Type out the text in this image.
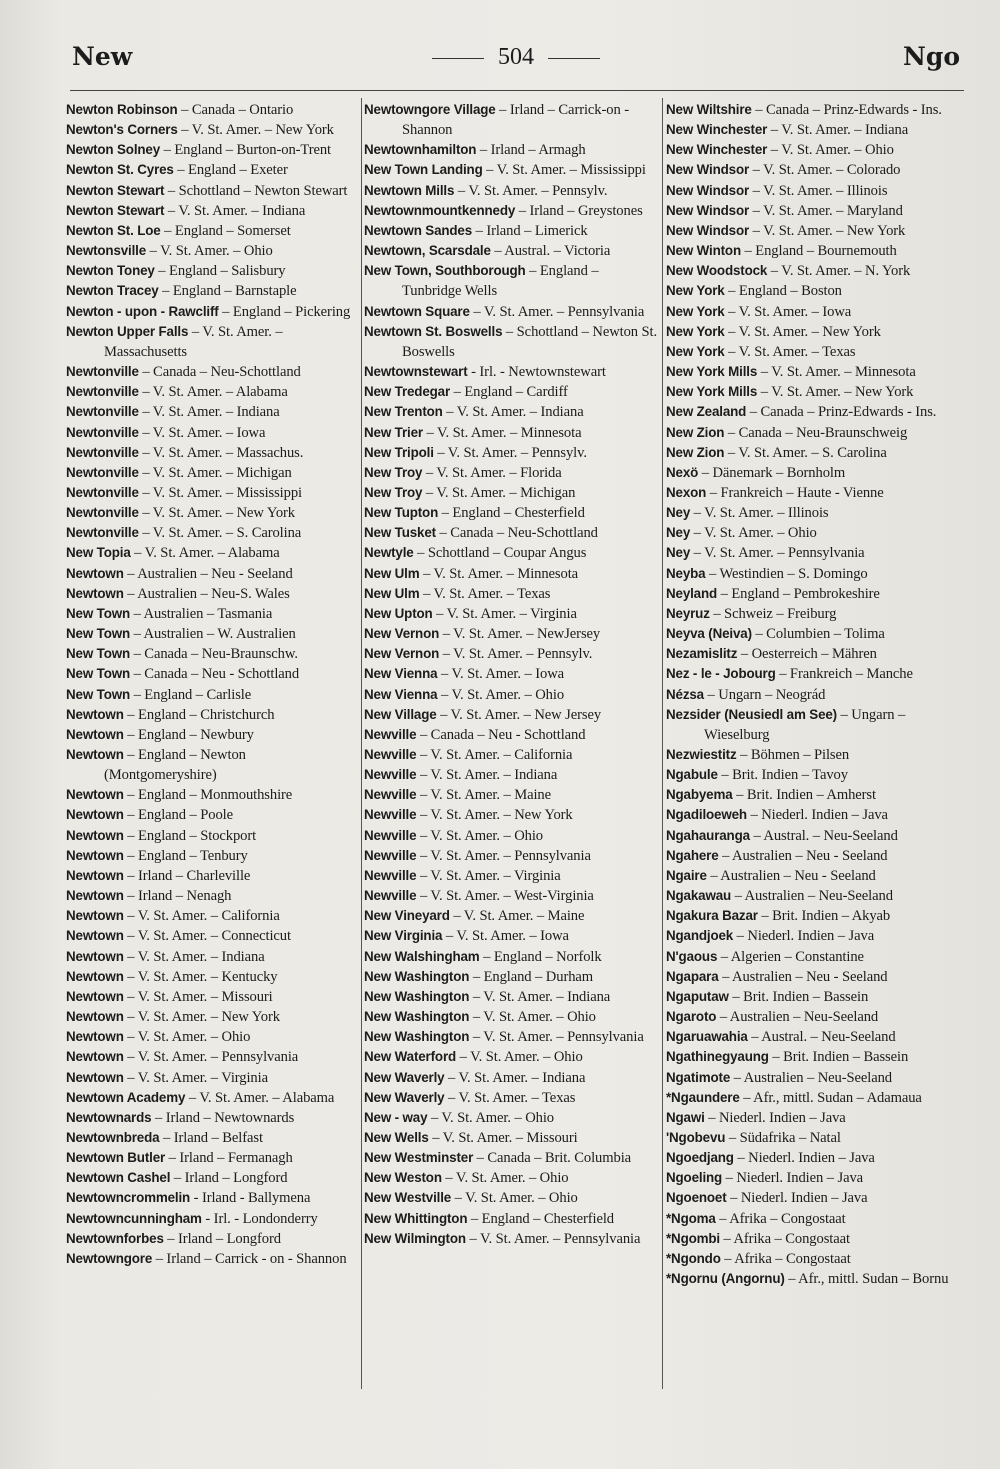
New	504	Ngo

Newton Robinson – Canada – Ontario

Newton's Corners – V. St. Amer. – New York

Newton Solney – England – Burton-on-Trent

Newton St. Cyres – England – Exeter

Newton Stewart – Schottland – Newton Stewart

Newton Stewart – V. St. Amer. – Indiana

Newton St. Loe – England – Somerset

Newtonsville – V. St. Amer. – Ohio

Newton Toney – England – Salisbury

Newton Tracey – England – Barnstaple

Newton - upon - Rawcliff – England – Pickering

Newton Upper Falls – V. St. Amer. – Massachusetts

Newtonville – Canada – Neu-Schottland

Newtonville – V. St. Amer. – Alabama

Newtonville – V. St. Amer. – Indiana

Newtonville – V. St. Amer. – Iowa

Newtonville – V. St. Amer. – Massachus.

Newtonville – V. St. Amer. – Michigan

Newtonville – V. St. Amer. – Mississippi

Newtonville – V. St. Amer. – New York

Newtonville – V. St. Amer. – S. Carolina

New Topia – V. St. Amer. – Alabama

Newtown – Australien – Neu - Seeland

Newtown – Australien – Neu-S. Wales

New Town – Australien – Tasmania

New Town – Australien – W. Australien

New Town – Canada – Neu-Braunschw.

New Town – Canada – Neu - Schottland

New Town – England – Carlisle

Newtown – England – Christchurch

Newtown – England – Newbury

Newtown – England – Newton (Montgomeryshire)

Newtown – England – Monmouthshire

Newtown – England – Poole

Newtown – England – Stockport

Newtown – England – Tenbury

Newtown – Irland – Charleville

Newtown – Irland – Nenagh

Newtown – V. St. Amer. – California

Newtown – V. St. Amer. – Connecticut

Newtown – V. St. Amer. – Indiana

Newtown – V. St. Amer. – Kentucky

Newtown – V. St. Amer. – Missouri

Newtown – V. St. Amer. – New York

Newtown – V. St. Amer. – Ohio

Newtown – V. St. Amer. – Pennsylvania

Newtown – V. St. Amer. – Virginia

Newtown Academy – V. St. Amer. – Alabama

Newtownards – Irland – Newtownards

Newtownbreda – Irland – Belfast

Newtown Butler – Irland – Fermanagh

Newtown Cashel – Irland – Longford

Newtowncrommelin - Irland - Ballymena

Newtowncunningham - Irl. - Londonderry

Newtownforbes – Irland – Longford

Newtowngore – Irland – Carrick - on - Shannon

Newtowngore Village – Irland – Carrick-on - Shannon

Newtownhamilton – Irland – Armagh

New Town Landing – V. St. Amer. – Mississippi

Newtown Mills – V. St. Amer. – Pennsylv.

Newtownmountkennedy – Irland – Greystones

Newtown Sandes – Irland – Limerick

Newtown, Scarsdale – Austral. – Victoria

New Town, Southborough – England – Tunbridge Wells

Newtown Square – V. St. Amer. – Pennsylvania

Newtown St. Boswells – Schottland – Newton St. Boswells

Newtownstewart - Irl. - Newtownstewart

New Tredegar – England – Cardiff

New Trenton – V. St. Amer. – Indiana

New Trier – V. St. Amer. – Minnesota

New Tripoli – V. St. Amer. – Pennsylv.

New Troy – V. St. Amer. – Florida

New Troy – V. St. Amer. – Michigan

New Tupton – England – Chesterfield

New Tusket – Canada – Neu-Schottland

Newtyle – Schottland – Coupar Angus

New Ulm – V. St. Amer. – Minnesota

New Ulm – V. St. Amer. – Texas

New Upton – V. St. Amer. – Virginia

New Vernon – V. St. Amer. – NewJersey

New Vernon – V. St. Amer. – Pennsylv.

New Vienna – V. St. Amer. – Iowa

New Vienna – V. St. Amer. – Ohio

New Village – V. St. Amer. – New Jersey

Newville – Canada – Neu - Schottland

Newville – V. St. Amer. – California

Newville – V. St. Amer. – Indiana

Newville – V. St. Amer. – Maine

Newville – V. St. Amer. – New York

Newville – V. St. Amer. – Ohio

Newville – V. St. Amer. – Pennsylvania

Newville – V. St. Amer. – Virginia

Newville – V. St. Amer. – West-Virginia

New Vineyard – V. St. Amer. – Maine

New Virginia – V. St. Amer. – Iowa

New Walshingham – England – Norfolk

New Washington – England – Durham

New Washington – V. St. Amer. – Indiana

New Washington – V. St. Amer. – Ohio

New Washington – V. St. Amer. – Pennsylvania

New Waterford – V. St. Amer. – Ohio

New Waverly – V. St. Amer. – Indiana

New Waverly – V. St. Amer. – Texas

New - way – V. St. Amer. – Ohio

New Wells – V. St. Amer. – Missouri

New Westminster – Canada – Brit. Columbia

New Weston – V. St. Amer. – Ohio

New Westville – V. St. Amer. – Ohio

New Whittington – England – Chesterfield

New Wilmington – V. St. Amer. – Pennsylvania

New Wiltshire – Canada – Prinz-Edwards - Ins.

New Winchester – V. St. Amer. – Indiana

New Winchester – V. St. Amer. – Ohio

New Windsor – V. St. Amer. – Colorado

New Windsor – V. St. Amer. – Illinois

New Windsor – V. St. Amer. – Maryland

New Windsor – V. St. Amer. – New York

New Winton – England – Bournemouth

New Woodstock – V. St. Amer. – N. York

New York – England – Boston

New York – V. St. Amer. – Iowa

New York – V. St. Amer. – New York

New York – V. St. Amer. – Texas

New York Mills – V. St. Amer. – Minnesota

New York Mills – V. St. Amer. – New York

New Zealand – Canada – Prinz-Edwards - Ins.

New Zion – Canada – Neu-Braunschweig

New Zion – V. St. Amer. – S. Carolina

Nexö – Dänemark – Bornholm

Nexon – Frankreich – Haute - Vienne

Ney – V. St. Amer. – Illinois

Ney – V. St. Amer. – Ohio

Ney – V. St. Amer. – Pennsylvania

Neyba – Westindien – S. Domingo

Neyland – England – Pembrokeshire

Neyruz – Schweiz – Freiburg

Neyva (Neiva) – Columbien – Tolima

Nezamislitz – Oesterreich – Mähren

Nez - le - Jobourg – Frankreich – Manche

Nézsa – Ungarn – Neográd

Nezsider (Neusiedl am See) – Ungarn – Wieselburg

Nezwiestitz – Böhmen – Pilsen

Ngabule – Brit. Indien – Tavoy

Ngabyema – Brit. Indien – Amherst

Ngadiloeweh – Niederl. Indien – Java

Ngahauranga – Austral. – Neu-Seeland

Ngahere – Australien – Neu - Seeland

Ngaire – Australien – Neu - Seeland

Ngakawau – Australien – Neu-Seeland

Ngakura Bazar – Brit. Indien – Akyab

Ngandjoek – Niederl. Indien – Java

N'gaous – Algerien – Constantine

Ngapara – Australien – Neu - Seeland

Ngaputaw – Brit. Indien – Bassein

Ngaroto – Australien – Neu-Seeland

Ngaruawahia – Austral. – Neu-Seeland

Ngathinegyaung – Brit. Indien – Bassein

Ngatimote – Australien – Neu-Seeland

*Ngaundere – Afr., mittl. Sudan – Adamaua

Ngawi – Niederl. Indien – Java

'Ngobevu – Südafrika – Natal

Ngoedjang – Niederl. Indien – Java

Ngoeling – Niederl. Indien – Java

Ngoenoet – Niederl. Indien – Java

*Ngoma – Afrika – Congostaat

*Ngombi – Afrika – Congostaat

*Ngondo – Afrika – Congostaat

*Ngornu (Angornu) – Afr., mittl. Sudan – Bornu
